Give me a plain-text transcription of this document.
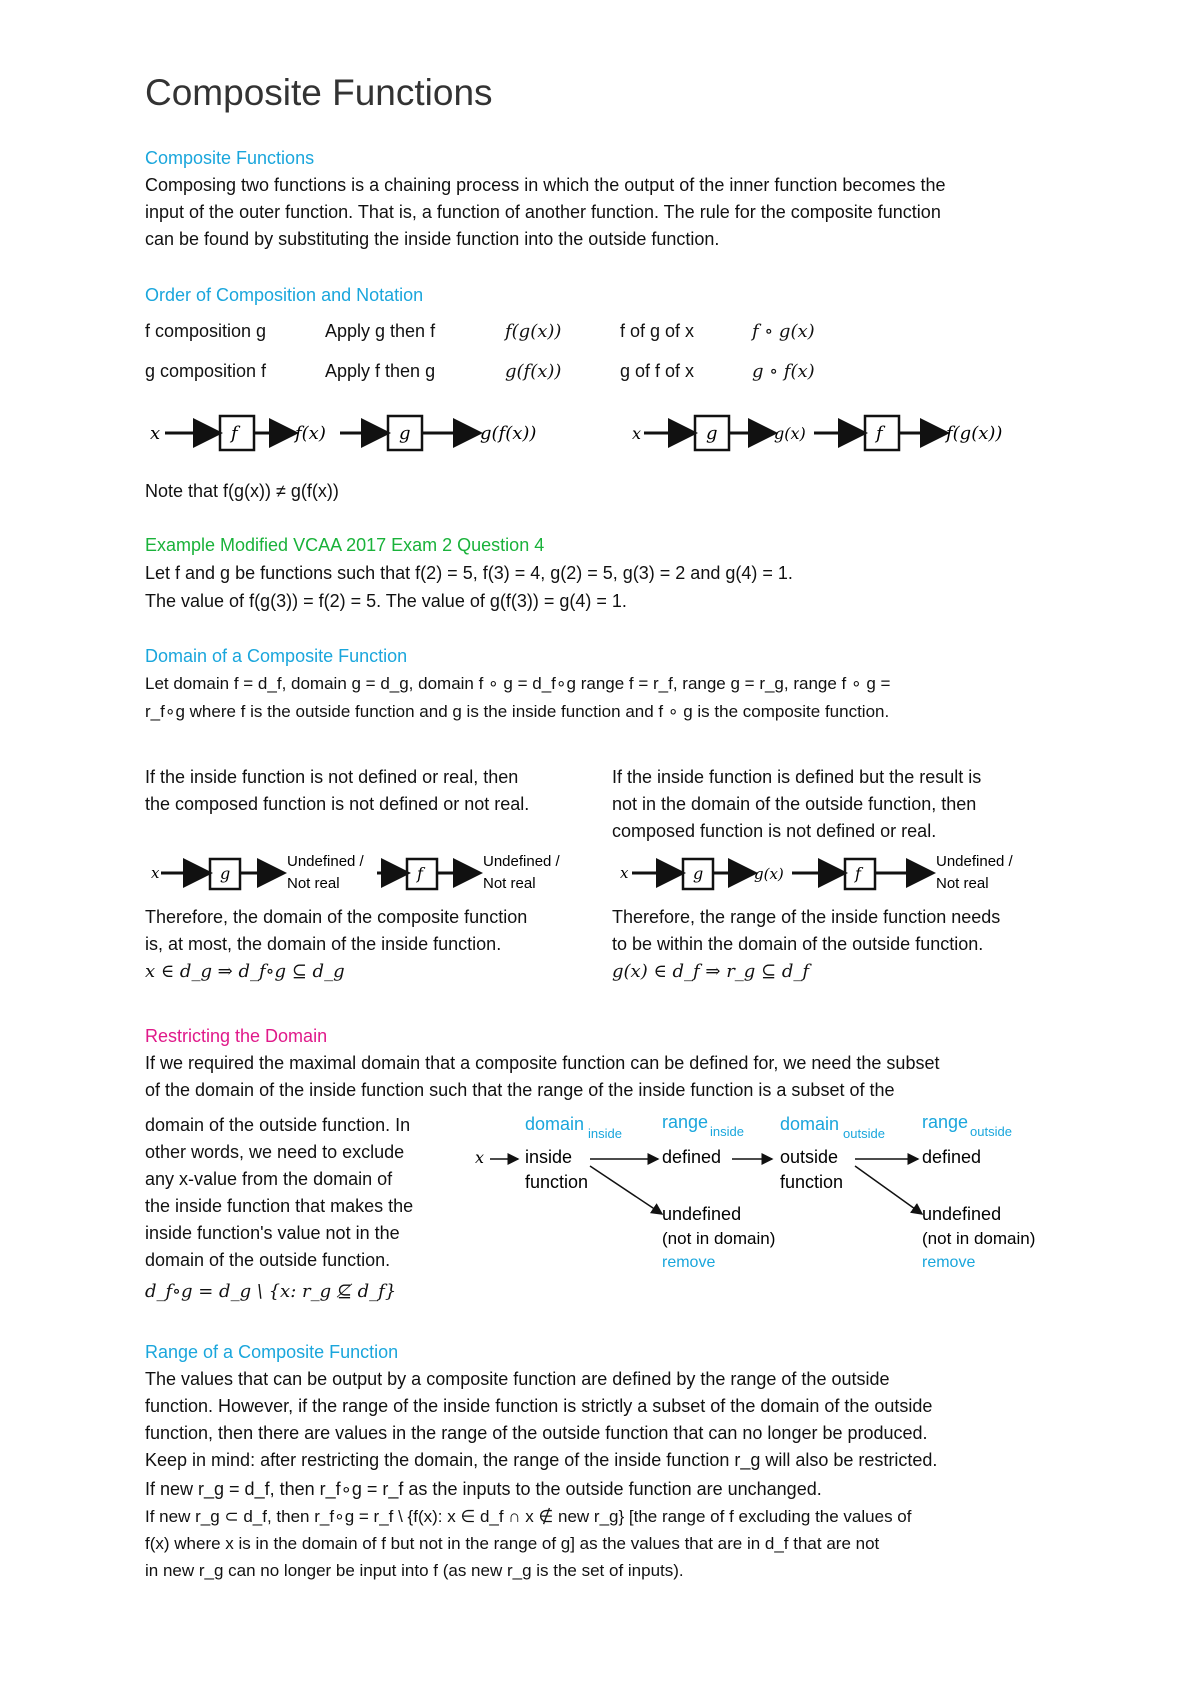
Composite Functions
Composite Functions
Composing two functions is a chaining process in which the output of the inner function becomes the
input of the outer function. That is, a function of another function. The rule for the composite function
can be found by substituting the inside function into the outside function.
Order of Composition and Notation
f composition g	Apply g then f	f(g(x))	f of g of x	f ∘ g(x)
g composition f	Apply f then g	g(f(x))	g of f of x	g ∘ f(x)
x	f	f(x)	g	g(f(x))	x	g	g(x)	f	f(g(x))
Note that f(g(x)) ≠ g(f(x))
Example Modified VCAA 2017 Exam 2 Question 4
Let f and g be functions such that f(2) = 5, f(3) = 4, g(2) = 5, g(3) = 2 and g(4) = 1.
The value of f(g(3)) = f(2) = 5. The value of g(f(3)) = g(4) = 1.
Domain of a Composite Function
Let domain f = d_f, domain g = d_g, domain f ∘ g = d_f∘g range f = r_f, range g = r_g, range f ∘ g =
r_f∘g where f is the outside function and g is the inside function and f ∘ g is the composite function.
If the inside function is not defined or real, then
the composed function is not defined or not real.
x	g
Undefined /
Not real
f
Undefined /
Not real
Therefore, the domain of the composite function
is, at most, the domain of the inside function.
x ∈ d_g ⇒ d_f∘g ⊆ d_g
If the inside function is defined but the result is
not in the domain of the outside function, then
composed function is not defined or real.
x	g	g(x)	f
Undefined /
Not real
Therefore, the range of the inside function needs
to be within the domain of the outside function.
g(x) ∈ d_f ⇒ r_g ⊆ d_f
Restricting the Domain
If we required the maximal domain that a composite function can be defined for, we need the subset
of the domain of the inside function such that the range of the inside function is a subset of the
domain of the outside function. In
other words, we need to exclude
any x-value from the domain of
the inside function that makes the
inside function's value not in the
domain of the outside function.
d_f∘g = d_g \ {x: r_g ⊈ d_f}
domain inside
range inside domain outside
range outside
x inside
function
defined	outside
function
defined
undefined
(not in domain)
remove
undefined
(not in domain)
remove
Range of a Composite Function
The values that can be output by a composite function are defined by the range of the outside
function. However, if the range of the inside function is strictly a subset of the domain of the outside
function, then there are values in the range of the outside function that can no longer be produced.
Keep in mind: after restricting the domain, the range of the inside function r_g will also be restricted.
If new r_g = d_f, then r_f∘g = r_f as the inputs to the outside function are unchanged.
If new r_g ⊂ d_f, then r_f∘g = r_f \ {f(x): x ∈ d_f ∩ x ∉ new r_g} [the range of f excluding the values of
f(x) where x is in the domain of f but not in the range of g] as the values that are in d_f that are not
in new r_g can no longer be input into f (as new r_g is the set of inputs).
